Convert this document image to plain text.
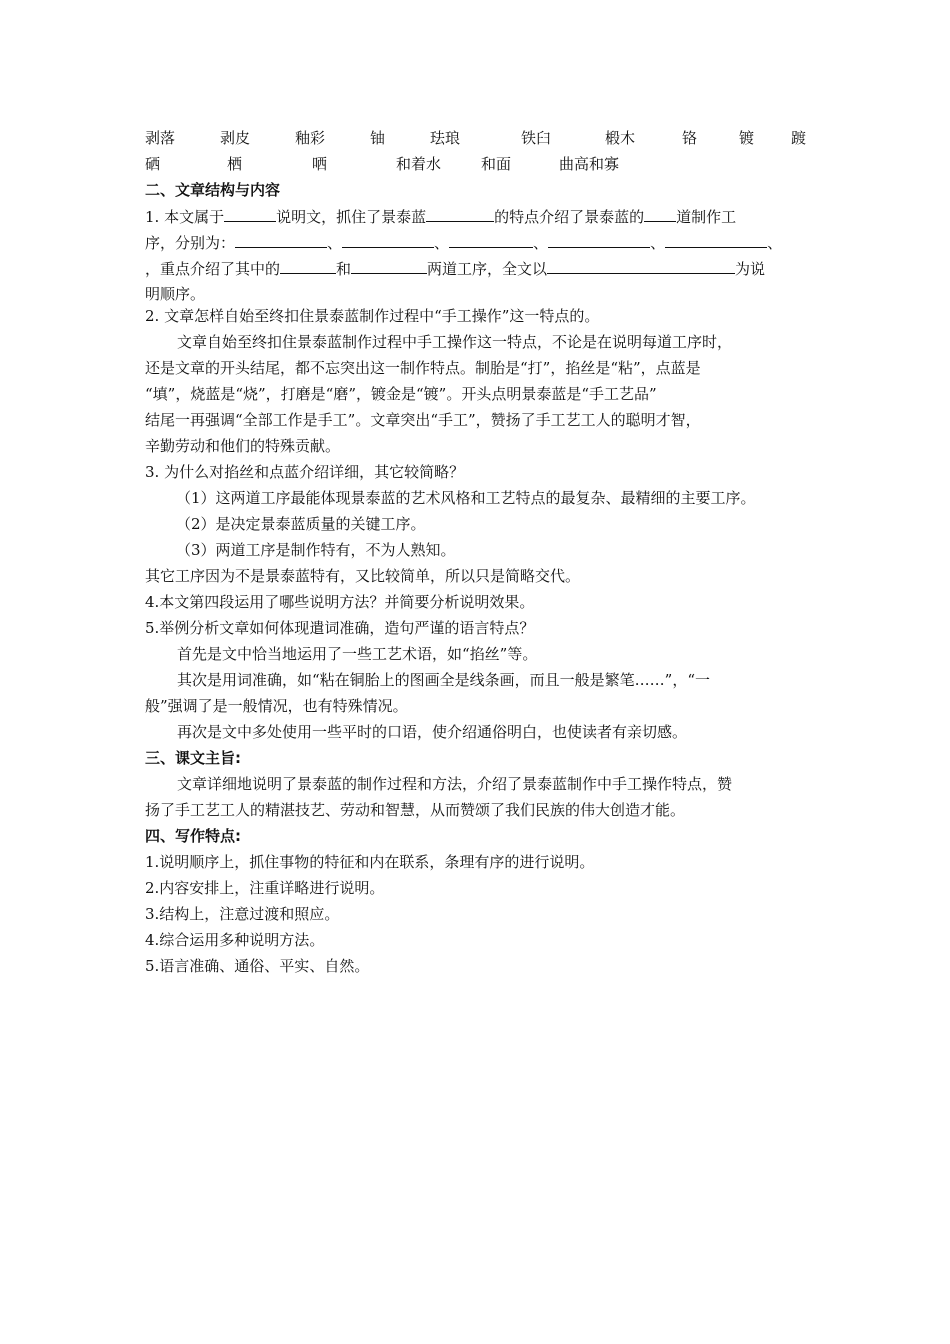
剥落	剥皮	釉彩	铀	珐琅	铁臼	椴木	铬	镀 踱
硒	栖	哂	和着水	和面	曲高和寡
二、文章结构与内容
1. 本文属于	说明文，抓住了景泰蓝	的特点介绍了景泰蓝的 道制作工
序，分别为：	、	、	、	、	、
，重点介绍了其中的	和	两道工序，全文以	为说
明顺序。
2. 文章怎样自始至终扣住景泰蓝制作过程中“手工操作”这一特点的。
文章自始至终扣住景泰蓝制作过程中手工操作这一特点，不论是在说明每道工序时，
还是文章的开头结尾，都不忘突出这一制作特点。制胎是“打”，掐丝是“粘”，点蓝是
“填”，烧蓝是“烧”，打磨是“磨”，镀金是“镀”。开头点明景泰蓝是“手工艺品”
结尾一再强调“全部工作是手工”。文章突出“手工”，赞扬了手工艺工人的聪明才智，
辛勤劳动和他们的特殊贡献。
3. 为什么对掐丝和点蓝介绍详细，其它较简略？
（1）这两道工序最能体现景泰蓝的艺术风格和工艺特点的最复杂、最精细的主要工序。
（2）是决定景泰蓝质量的关键工序。
（3）两道工序是制作特有，不为人熟知。
其它工序因为不是景泰蓝特有，又比较简单，所以只是简略交代。
4.本文第四段运用了哪些说明方法？并简要分析说明效果。
5.举例分析文章如何体现遣词准确，造句严谨的语言特点？
首先是文中恰当地运用了一些工艺术语，如“掐丝”等。
其次是用词准确，如“粘在铜胎上的图画全是线条画，而且一般是繁笔……”，“一
般”强调了是一般情况，也有特殊情况。
再次是文中多处使用一些平时的口语，使介绍通俗明白，也使读者有亲切感。
三、课文主旨:
文章详细地说明了景泰蓝的制作过程和方法，介绍了景泰蓝制作中手工操作特点，赞
扬了手工艺工人的精湛技艺、劳动和智慧，从而赞颂了我们民族的伟大创造才能。
四、写作特点:
1.说明顺序上，抓住事物的特征和内在联系，条理有序的进行说明。
2.内容安排上，注重详略进行说明。
3.结构上，注意过渡和照应。
4.综合运用多种说明方法。
5.语言准确、通俗、平实、自然。
